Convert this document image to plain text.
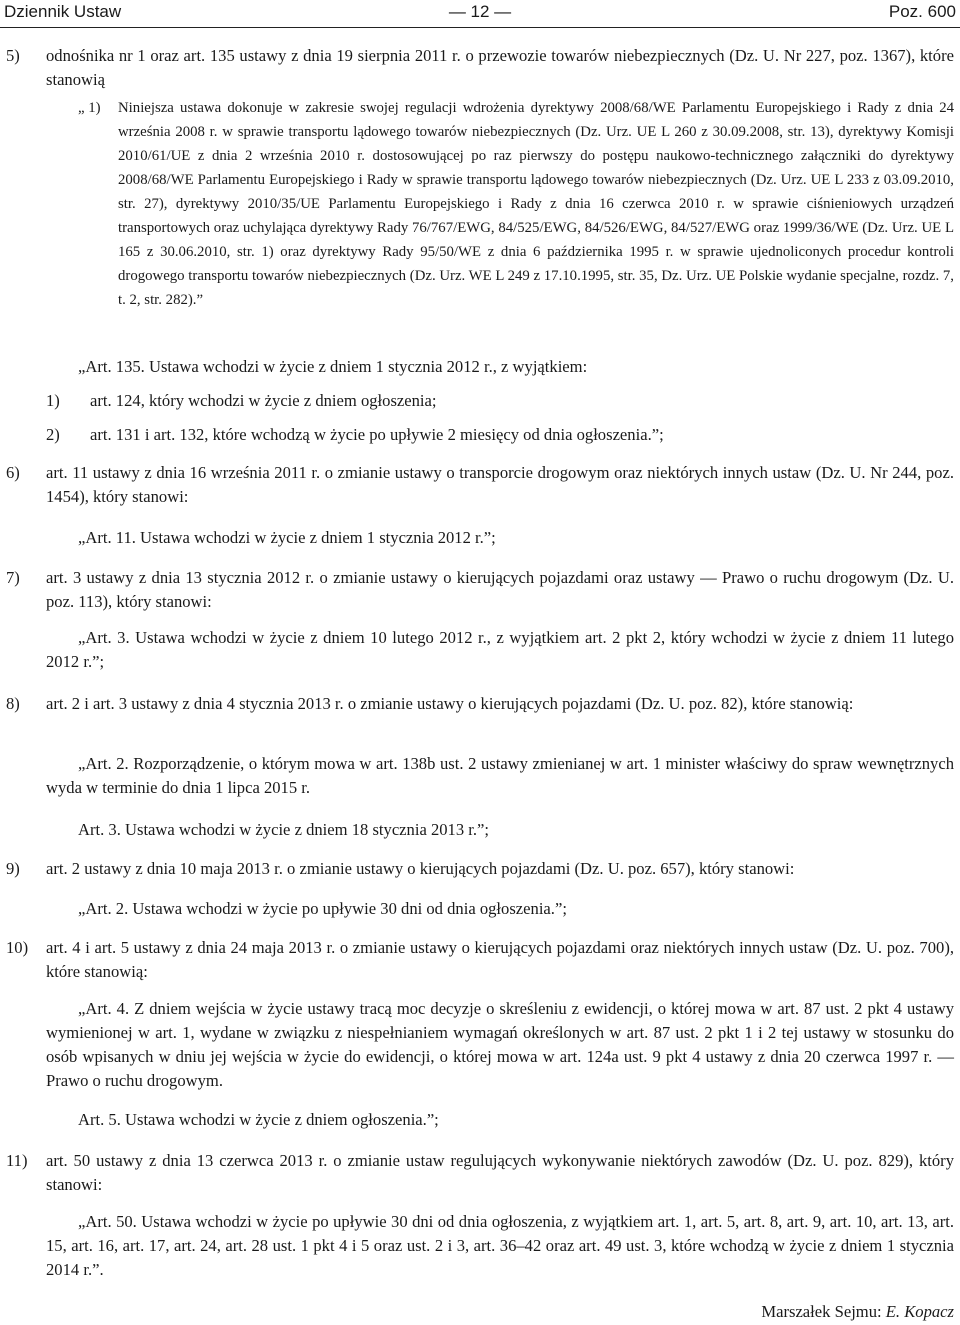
Dziennik Ustaw	— 12 —	Poz. 600
5) odnośnika nr 1 oraz art. 135 ustawy z dnia 19 sierpnia 2011 r. o przewozie towarów niebezpiecznych (Dz. U. Nr 227, poz. 1367), które stanowią
„ 1) Niniejsza ustawa dokonuje w zakresie swojej regulacji wdrożenia dyrektywy 2008/68/WE Parlamentu Europejskiego i Rady z dnia 24 września 2008 r. w sprawie transportu lądowego towarów niebezpiecznych (Dz. Urz. UE L 260 z 30.09.2008, str. 13), dyrektywy Komisji 2010/61/UE z dnia 2 września 2010 r. dostosowującej po raz pierwszy do postępu naukowo-technicznego załączniki do dyrektywy 2008/68/WE Parlamentu Europejskiego i Rady w sprawie transportu lądowego towarów niebezpiecznych (Dz. Urz. UE L 233 z 03.09.2010, str. 27), dyrektywy 2010/35/UE Parlamentu Europejskiego i Rady z dnia 16 czerwca 2010 r. w sprawie ciśnieniowych urządzeń transportowych oraz uchylająca dyrektywy Rady 76/767/EWG, 84/525/EWG, 84/526/EWG, 84/527/EWG oraz 1999/36/WE (Dz. Urz. UE L 165 z 30.06.2010, str. 1) oraz dyrektywy Rady 95/50/WE z dnia 6 października 1995 r. w sprawie ujednoliconych procedur kontroli drogowego transportu towarów niebezpiecznych (Dz. Urz. WE L 249 z 17.10.1995, str. 35, Dz. Urz. UE Polskie wydanie specjalne, rozdz. 7, t. 2, str. 282).”
„Art. 135. Ustawa wchodzi w życie z dniem 1 stycznia 2012 r., z wyjątkiem:
1) art. 124, który wchodzi w życie z dniem ogłoszenia;
2) art. 131 i art. 132, które wchodzą w życie po upływie 2 miesięcy od dnia ogłoszenia.”;
6) art. 11 ustawy z dnia 16 września 2011 r. o zmianie ustawy o transporcie drogowym oraz niektórych innych ustaw (Dz. U. Nr 244, poz. 1454), który stanowi:
„Art. 11. Ustawa wchodzi w życie z dniem 1 stycznia 2012 r.”;
7) art. 3 ustawy z dnia 13 stycznia 2012 r. o zmianie ustawy o kierujących pojazdami oraz ustawy — Prawo o ruchu drogowym (Dz. U. poz. 113), który stanowi:
„Art. 3. Ustawa wchodzi w życie z dniem 10 lutego 2012 r., z wyjątkiem art. 2 pkt 2, który wchodzi w życie z dniem 11 lutego 2012 r.”;
8) art. 2 i art. 3 ustawy z dnia 4 stycznia 2013 r. o zmianie ustawy o kierujących pojazdami (Dz. U. poz. 82), które stanowią:
„Art. 2. Rozporządzenie, o którym mowa w art. 138b ust. 2 ustawy zmienianej w art. 1 minister właściwy do spraw wewnętrznych wyda w terminie do dnia 1 lipca 2015 r.
Art. 3. Ustawa wchodzi w życie z dniem 18 stycznia 2013 r.”;
9) art. 2 ustawy z dnia 10 maja 2013 r. o zmianie ustawy o kierujących pojazdami (Dz. U. poz. 657), który stanowi:
„Art. 2. Ustawa wchodzi w życie po upływie 30 dni od dnia ogłoszenia.”;
10) art. 4 i art. 5 ustawy z dnia 24 maja 2013 r. o zmianie ustawy o kierujących pojazdami oraz niektórych innych ustaw (Dz. U. poz. 700), które stanowią:
„Art. 4. Z dniem wejścia w życie ustawy tracą moc decyzje o skreśleniu z ewidencji, o której mowa w art. 87 ust. 2 pkt 4 ustawy wymienionej w art. 1, wydane w związku z niespełnianiem wymagań określonych w art. 87 ust. 2 pkt 1 i 2 tej ustawy w stosunku do osób wpisanych w dniu jej wejścia w życie do ewidencji, o której mowa w art. 124a ust. 9 pkt 4 ustawy z dnia 20 czerwca 1997 r. — Prawo o ruchu drogowym.
Art. 5. Ustawa wchodzi w życie z dniem ogłoszenia.”;
11) art. 50 ustawy z dnia 13 czerwca 2013 r. o zmianie ustaw regulujących wykonywanie niektórych zawodów (Dz. U. poz. 829), który stanowi:
„Art. 50. Ustawa wchodzi w życie po upływie 30 dni od dnia ogłoszenia, z wyjątkiem art. 1, art. 5, art. 8, art. 9, art. 10, art. 13, art. 15, art. 16, art. 17, art. 24, art. 28 ust. 1 pkt 4 i 5 oraz ust. 2 i 3, art. 36–42 oraz art. 49 ust. 3, które wchodzą w życie z dniem 1 stycznia 2014 r.”.
Marszałek Sejmu: E. Kopacz
